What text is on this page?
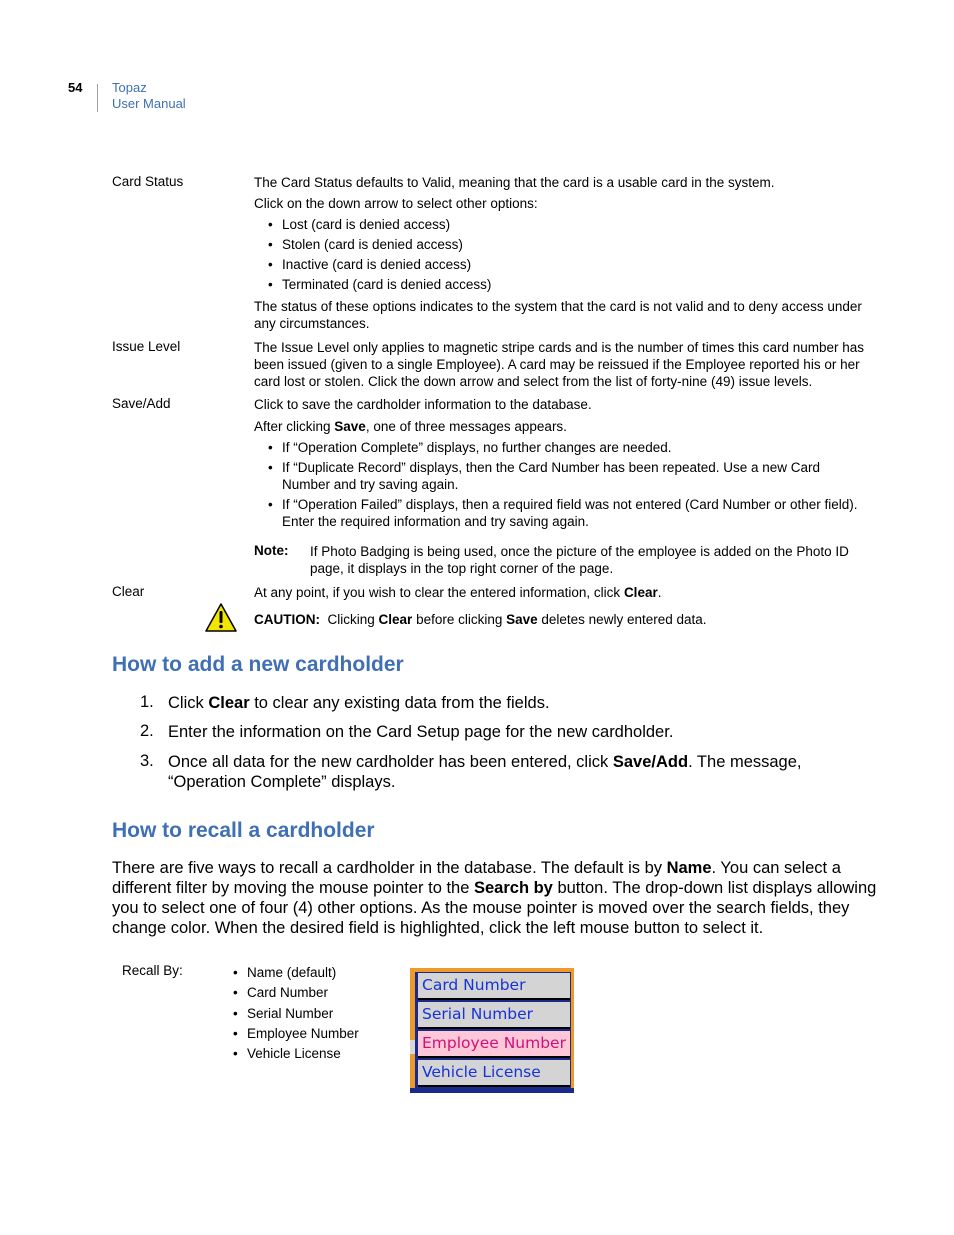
54 Topaz
User Manual
Card Status	The Card Status defaults to Valid, meaning that the card is a usable card in the system.
Click on the down arrow to select other options:
• Lost (card is denied access)
• Stolen (card is denied access)
• Inactive (card is denied access)
• Terminated (card is denied access)
The status of these options indicates to the system that the card is not valid and to deny access under any circumstances.
Issue Level	The Issue Level only applies to magnetic stripe cards and is the number of times this card number has been issued (given to a single Employee). A card may be reissued if the Employee reported his or her card lost or stolen. Click the down arrow and select from the list of forty-nine (49) issue levels.
Save/Add	Click to save the cardholder information to the database.
After clicking Save, one of three messages appears.
• If “Operation Complete” displays, no further changes are needed.
• If “Duplicate Record” displays, then the Card Number has been repeated. Use a new Card Number and try saving again.
• If “Operation Failed” displays, then a required field was not entered (Card Number or other field). Enter the required information and try saving again.
Note: If Photo Badging is being used, once the picture of the employee is added on the Photo ID page, it displays in the top right corner of the page.
Clear	At any point, if you wish to clear the entered information, click Clear.
CAUTION: Clicking Clear before clicking Save deletes newly entered data.
How to add a new cardholder
1. Click Clear to clear any existing data from the fields.
2. Enter the information on the Card Setup page for the new cardholder.
3. Once all data for the new cardholder has been entered, click Save/Add. The message, “Operation Complete” displays.
How to recall a cardholder
There are five ways to recall a cardholder in the database. The default is by Name. You can select a different filter by moving the mouse pointer to the Search by button. The drop-down list displays allowing you to select one of four (4) other options. As the mouse pointer is moved over the search fields, they change color. When the desired field is highlighted, click the left mouse button to select it.
Recall By:
•	Name (default)
• Card Number
• Serial Number
• Employee Number
• Vehicle License
Card Number
Serial Number
Employee Number
Vehicle License
